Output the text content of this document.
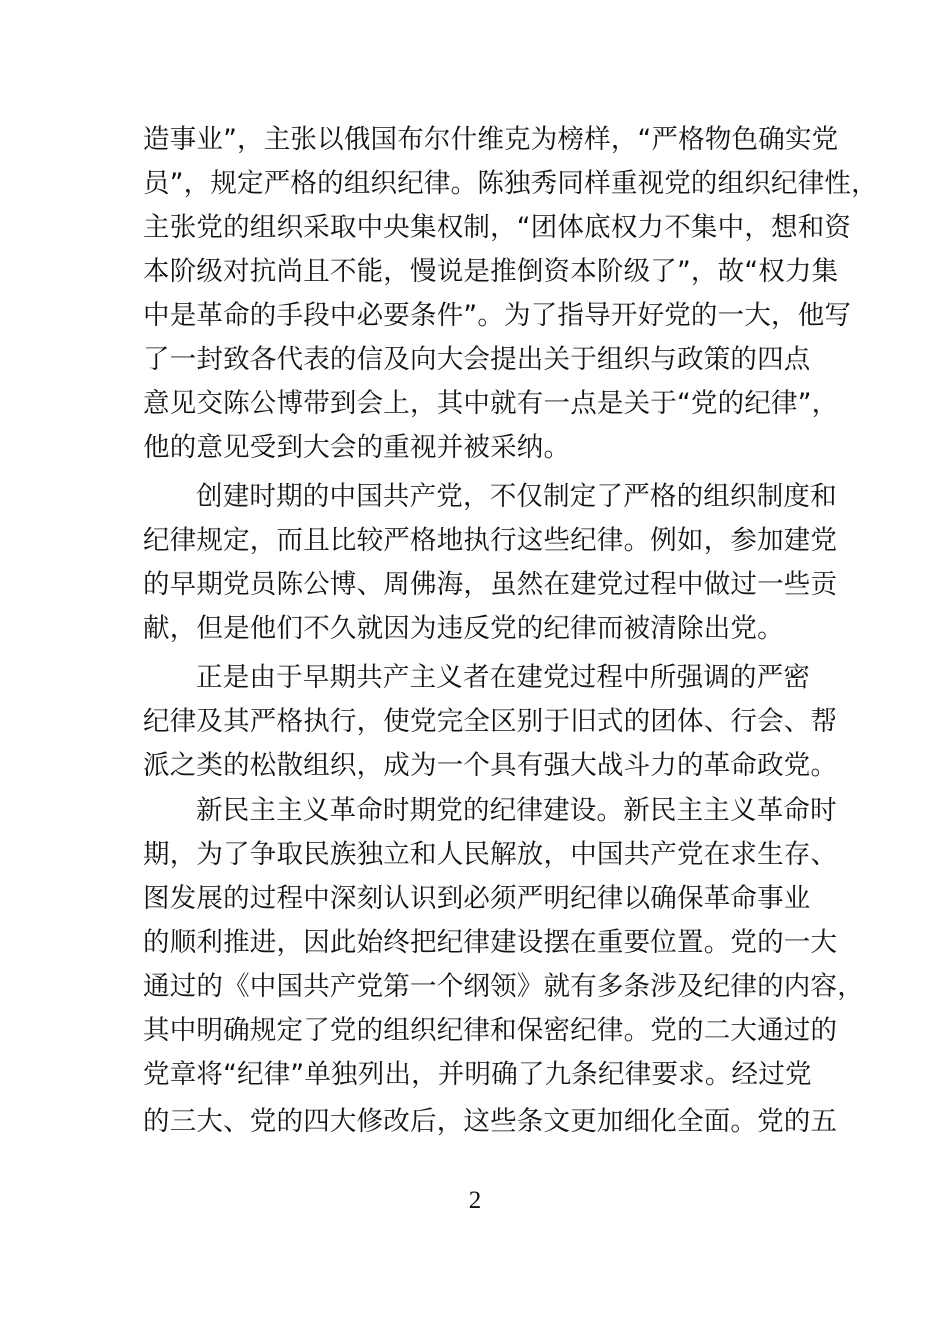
造事业”，主张以俄国布尔什维克为榜样，“严格物色确实党
员”，规定严格的组织纪律。陈独秀同样重视党的组织纪律性，
主张党的组织采取中央集权制，“团体底权力不集中，想和资
本阶级对抗尚且不能，慢说是推倒资本阶级了”，故“权力集
中是革命的手段中必要条件”。为了指导开好党的一大，他写
了一封致各代表的信及向大会提出关于组织与政策的四点
意见交陈公博带到会上，其中就有一点是关于“党的纪律”，
他的意见受到大会的重视并被采纳。
创建时期的中国共产党，不仅制定了严格的组织制度和
纪律规定，而且比较严格地执行这些纪律。例如，参加建党
的早期党员陈公博、周佛海，虽然在建党过程中做过一些贡
献，但是他们不久就因为违反党的纪律而被清除出党。
正是由于早期共产主义者在建党过程中所强调的严密
纪律及其严格执行，使党完全区别于旧式的团体、行会、帮
派之类的松散组织，成为一个具有强大战斗力的革命政党。
新民主主义革命时期党的纪律建设。新民主主义革命时
期，为了争取民族独立和人民解放，中国共产党在求生存、
图发展的过程中深刻认识到必须严明纪律以确保革命事业
的顺利推进，因此始终把纪律建设摆在重要位置。党的一大
通过的《中国共产党第一个纲领》就有多条涉及纪律的内容，
其中明确规定了党的组织纪律和保密纪律。党的二大通过的
党章将“纪律”单独列出，并明确了九条纪律要求。经过党
的三大、党的四大修改后，这些条文更加细化全面。党的五
2
